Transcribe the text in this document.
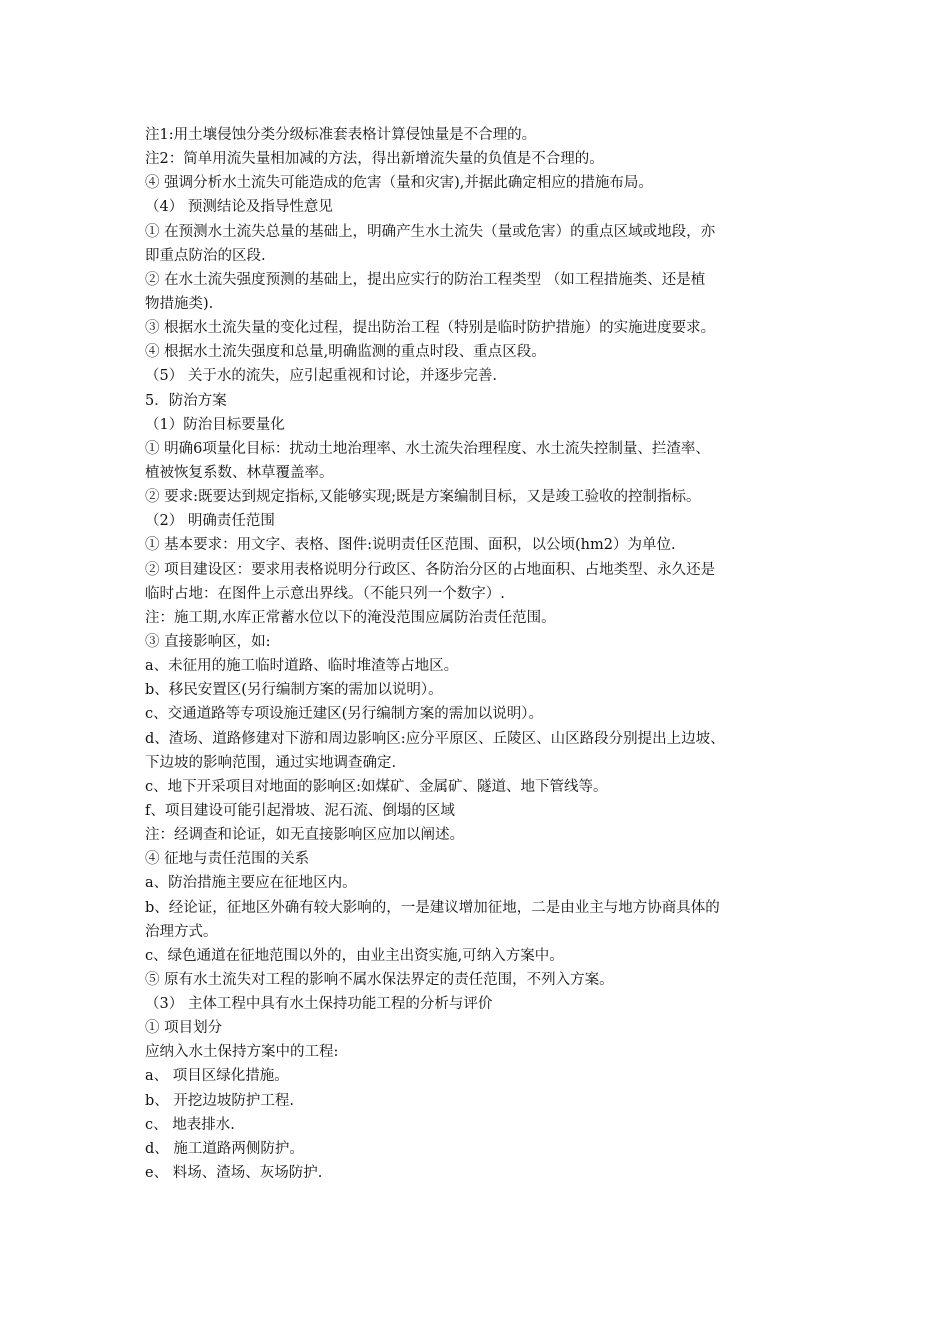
注1:用土壤侵蚀分类分级标准套表格计算侵蚀量是不合理的。
注2：简单用流失量相加减的方法，得出新增流失量的负值是不合理的。
④ 强调分析水土流失可能造成的危害（量和灾害),并据此确定相应的措施布局。
（4） 预测结论及指导性意见
① 在预测水土流失总量的基础上，明确产生水土流失（量或危害）的重点区域或地段，亦
即重点防治的区段.
② 在水土流失强度预测的基础上，提出应实行的防治工程类型 （如工程措施类、还是植
物措施类).
③ 根据水土流失量的变化过程，提出防治工程（特别是临时防护措施）的实施进度要求。
④ 根据水土流失强度和总量,明确监测的重点时段、重点区段。
（5） 关于水的流失，应引起重视和讨论，并逐步完善.
5．防治方案
（1）防治目标要量化
① 明确6项量化目标：扰动土地治理率、水土流失治理程度、水土流失控制量、拦渣率、
植被恢复系数、林草覆盖率。
② 要求:既要达到规定指标,又能够实现;既是方案编制目标，又是竣工验收的控制指标。
（2） 明确责任范围
① 基本要求：用文字、表格、图件:说明责任区范围、面积，以公顷(hm2）为单位.
② 项目建设区：要求用表格说明分行政区、各防治分区的占地面积、占地类型、永久还是
临时占地：在图件上示意出界线。（不能只列一个数字）.
注：施工期,水库正常蓄水位以下的淹没范围应属防治责任范围。
③ 直接影响区，如:
a、未征用的施工临时道路、临时堆渣等占地区。
b、移民安置区(另行编制方案的需加以说明）。
c、交通道路等专项设施迁建区(另行编制方案的需加以说明）。
d、渣场、道路修建对下游和周边影响区:应分平原区、丘陵区、山区路段分别提出上边坡、
下边坡的影响范围，通过实地调查确定.
c、地下开采项目对地面的影响区:如煤矿、金属矿、隧道、地下管线等。
f、项目建设可能引起滑坡、泥石流、倒塌的区域
注：经调查和论证，如无直接影响区应加以阐述。
④ 征地与责任范围的关系
a、防治措施主要应在征地区内。
b、经论证，征地区外确有较大影响的，一是建议增加征地，二是由业主与地方协商具体的
治理方式。
c、绿色通道在征地范围以外的，由业主出资实施,可纳入方案中。
⑤ 原有水土流失对工程的影响不属水保法界定的责任范围，不列入方案。
（3） 主体工程中具有水土保持功能工程的分析与评价
① 项目划分
应纳入水土保持方案中的工程:
a、 项目区绿化措施。
b、 开挖边坡防护工程.
c、 地表排水.
d、 施工道路两侧防护。
e、 料场、渣场、灰场防护.
